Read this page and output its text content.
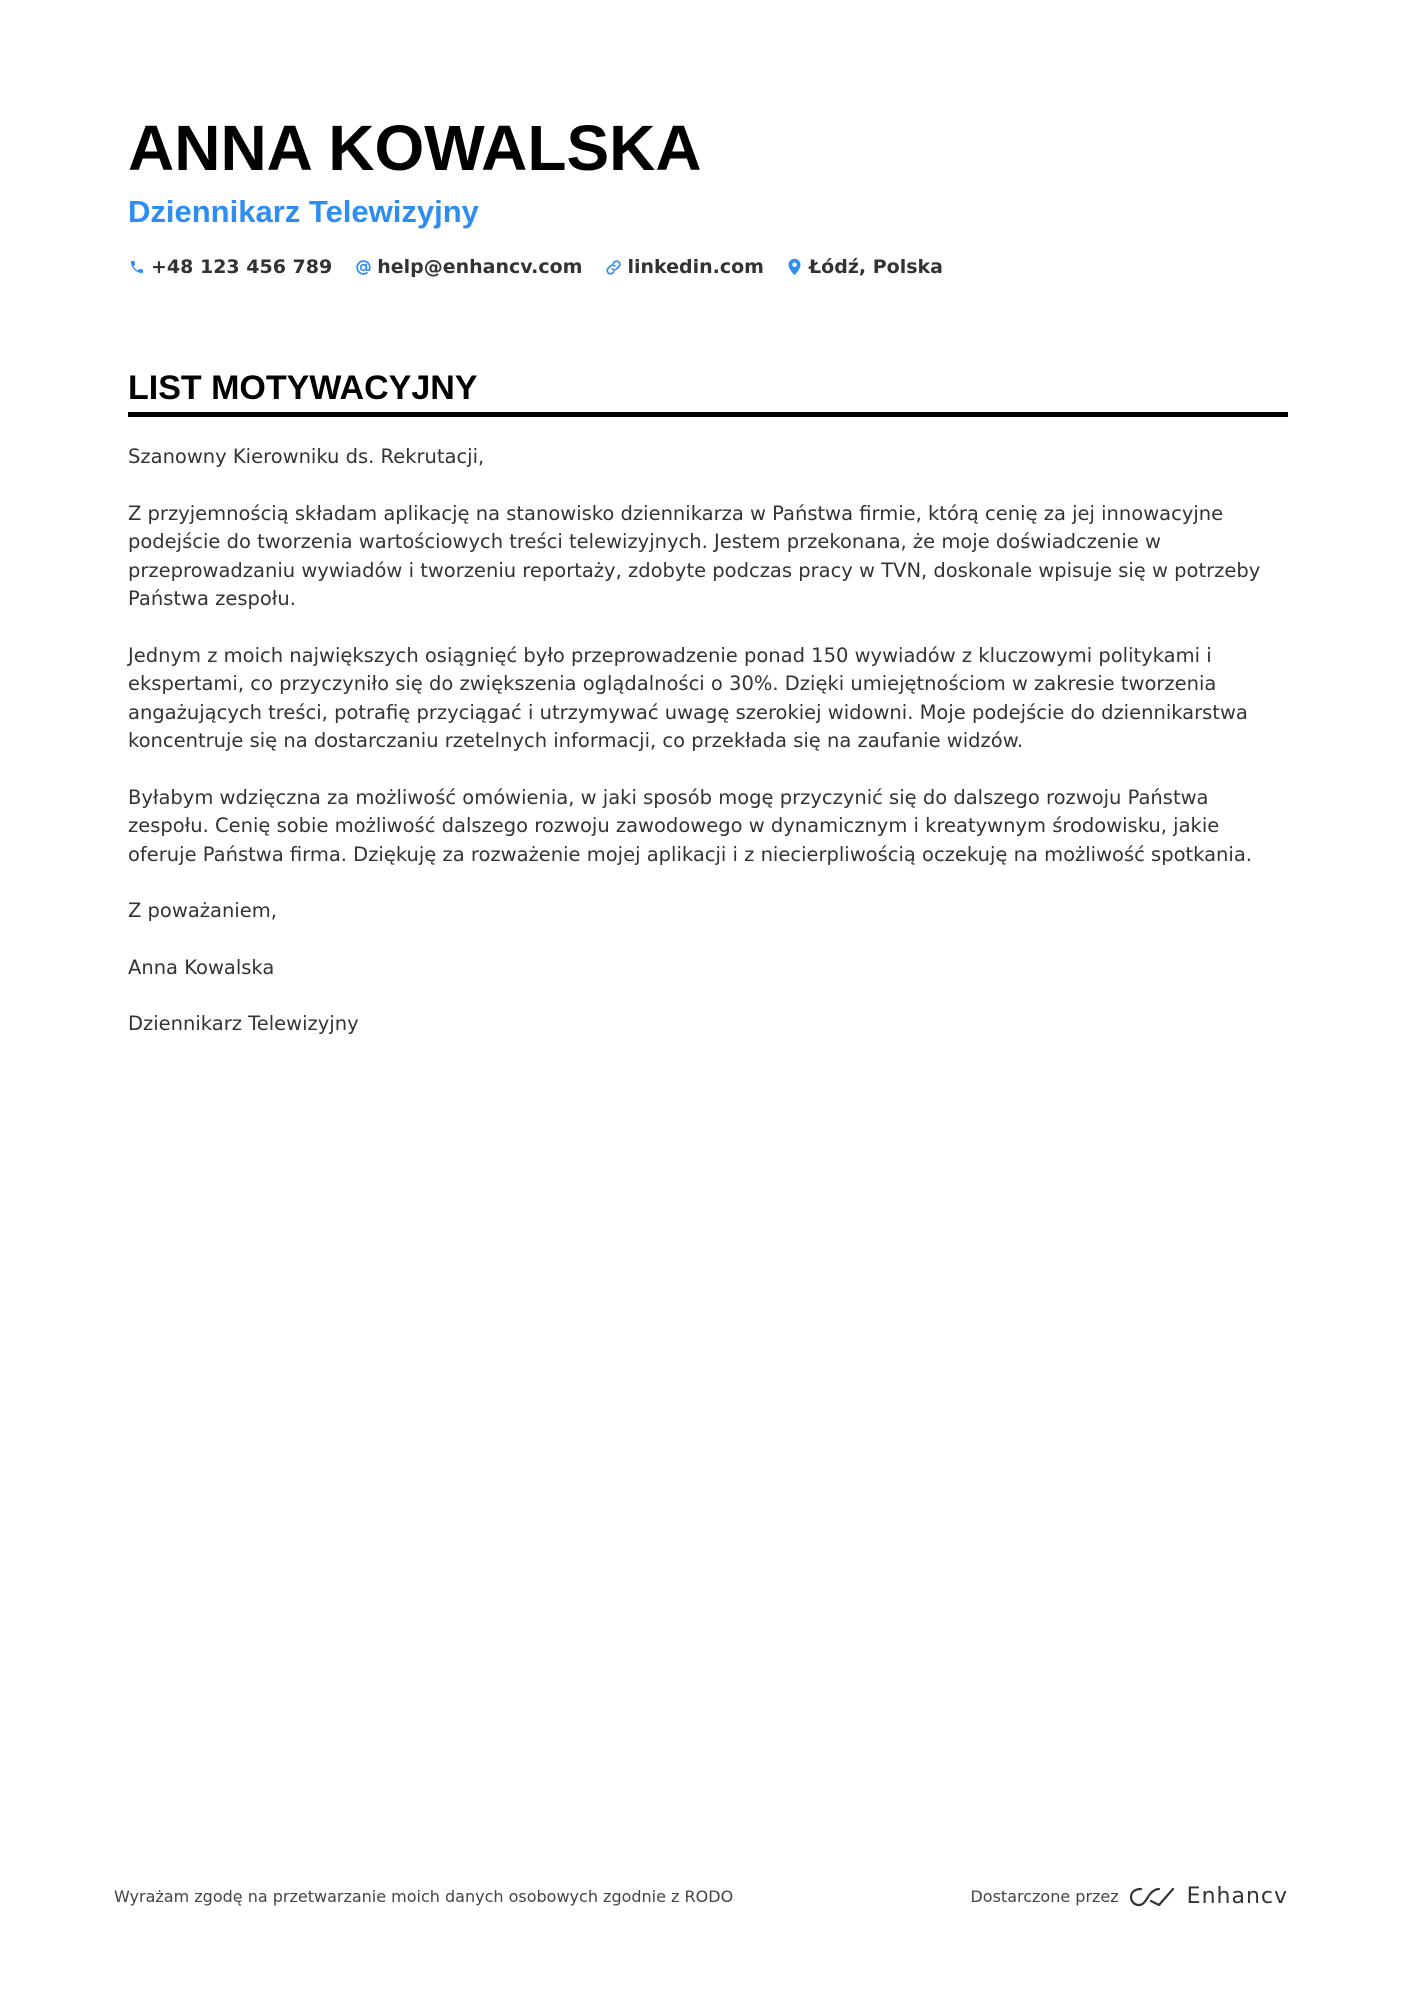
ANNA KOWALSKA
Dziennikarz Telewizyjny
+48 123 456 789 help@enhancv.com linkedin.com Łódź, Polska
LIST MOTYWACYJNY

Szanowny Kierowniku ds. Rekrutacji,

Z przyjemnością składam aplikację na stanowisko dziennikarza w Państwa firmie, którą cenię za jej innowacyjne podejście do tworzenia wartościowych treści telewizyjnych. Jestem przekonana, że moje doświadczenie w przeprowadzaniu wywiadów i tworzeniu reportaży, zdobyte podczas pracy w TVN, doskonale wpisuje się w potrzeby Państwa zespołu.

Jednym z moich największych osiągnięć było przeprowadzenie ponad 150 wywiadów z kluczowymi politykami i ekspertami, co przyczyniło się do zwiększenia oglądalności o 30%. Dzięki umiejętnościom w zakresie tworzenia angażujących treści, potrafię przyciągać i utrzymywać uwagę szerokiej widowni. Moje podejście do dziennikarstwa koncentruje się na dostarczaniu rzetelnych informacji, co przekłada się na zaufanie widzów.

Byłabym wdzięczna za możliwość omówienia, w jaki sposób mogę przyczynić się do dalszego rozwoju Państwa zespołu. Cenię sobie możliwość dalszego rozwoju zawodowego w dynamicznym i kreatywnym środowisku, jakie oferuje Państwa firma. Dziękuję za rozważenie mojej aplikacji i z niecierpliwością oczekuję na możliwość spotkania.

Z poważaniem,

Anna Kowalska

Dziennikarz Telewizyjny

Wyrażam zgodę na przetwarzanie moich danych osobowych zgodnie z RODO	Dostarczone przez	Enhancv
